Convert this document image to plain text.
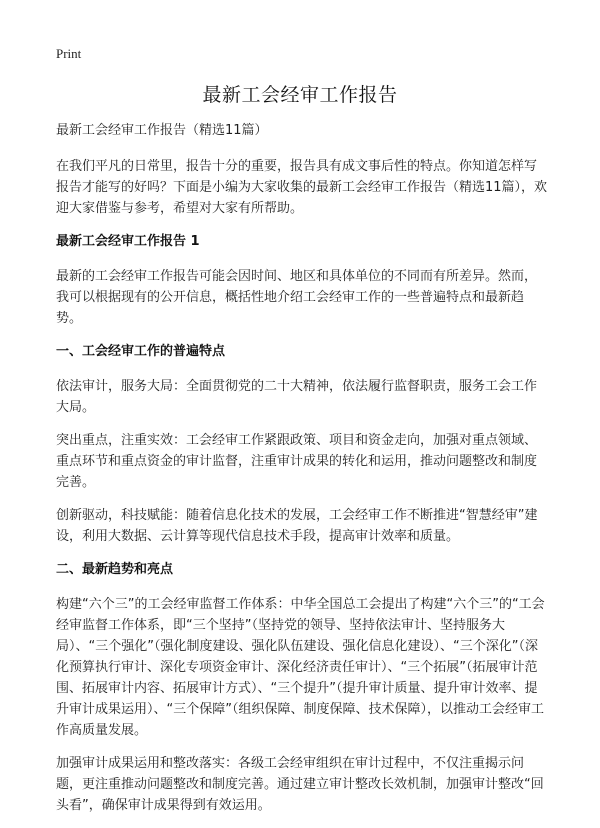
Print
最新工会经审工作报告

最新工会经审工作报告（精选11篇）

在我们平凡的日常里，报告十分的重要，报告具有成文事后性的特点。你知道怎样写报告才能写的好吗？下面是小编为大家收集的最新工会经审工作报告（精选11篇），欢迎大家借鉴与参考，希望对大家有所帮助。

最新工会经审工作报告 1

最新的工会经审工作报告可能会因时间、地区和具体单位的不同而有所差异。然而，我可以根据现有的公开信息，概括性地介绍工会经审工作的一些普遍特点和最新趋势。

一、工会经审工作的普遍特点

依法审计，服务大局：全面贯彻党的二十大精神，依法履行监督职责，服务工会工作大局。

突出重点，注重实效：工会经审工作紧跟政策、项目和资金走向，加强对重点领域、重点环节和重点资金的审计监督，注重审计成果的转化和运用，推动问题整改和制度完善。

创新驱动，科技赋能：随着信息化技术的发展，工会经审工作不断推进“智慧经审”建设，利用大数据、云计算等现代信息技术手段，提高审计效率和质量。

二、最新趋势和亮点

构建“六个三”的工会经审监督工作体系：中华全国总工会提出了构建“六个三”的“工会经审监督工作体系，即“三个坚持”（坚持党的领导、坚持依法审计、坚持服务大局）、“三个强化”（强化制度建设、强化队伍建设、强化信息化建设）、“三个深化”（深化预算执行审计、深化专项资金审计、深化经济责任审计）、“三个拓展”（拓展审计范围、拓展审计内容、拓展审计方式）、“三个提升”（提升审计质量、提升审计效率、提升审计成果运用）、“三个保障”（组织保障、制度保障、技术保障），以推动工会经审工作高质量发展。

加强审计成果运用和整改落实：各级工会经审组织在审计过程中，不仅注重揭示问题，更注重推动问题整改和制度完善。通过建立审计整改长效机制，加强审计整改“回头看”，确保审计成果得到有效运用。
